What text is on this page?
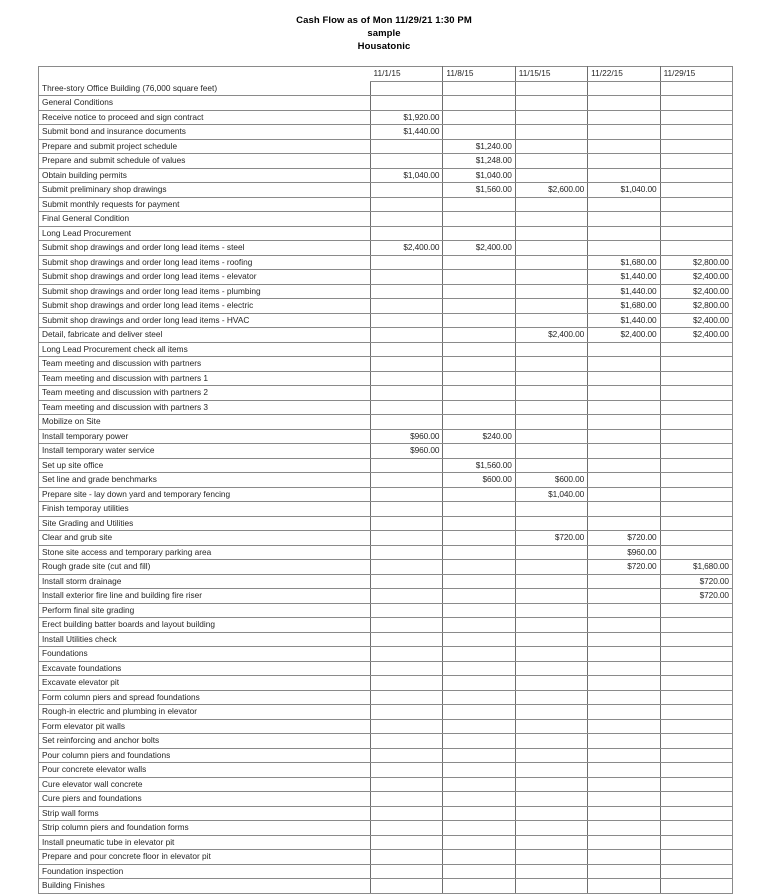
Cash Flow as of Mon 11/29/21 1:30 PM
sample
Housatonic
	11/1/15	11/8/15	11/15/15	11/22/15	11/29/15
Three-story Office Building (76,000 square feet)					
General Conditions					
Receive notice to proceed and sign contract	$1,920.00				
Submit bond and insurance documents	$1,440.00				
Prepare and submit project schedule		$1,240.00			
Prepare and submit schedule of values		$1,248.00			
Obtain building permits	$1,040.00	$1,040.00			
Submit preliminary shop drawings		$1,560.00	$2,600.00	$1,040.00	
Submit monthly requests for payment					
Final General Condition					
Long Lead Procurement					
Submit shop drawings and order long lead items - steel	$2,400.00	$2,400.00			
Submit shop drawings and order long lead items - roofing				$1,680.00	$2,800.00
Submit shop drawings and order long lead items - elevator				$1,440.00	$2,400.00
Submit shop drawings and order long lead items - plumbing				$1,440.00	$2,400.00
Submit shop drawings and order long lead items - electric				$1,680.00	$2,800.00
Submit shop drawings and order long lead items - HVAC				$1,440.00	$2,400.00
Detail, fabricate and deliver steel			$2,400.00	$2,400.00	$2,400.00
Long Lead Procurement check all items					
Team meeting and discussion with partners					
Team meeting and discussion with partners 1					
Team meeting and discussion with partners 2					
Team meeting and discussion with partners 3					
Mobilize on Site					
Install temporary power	$960.00	$240.00			
Install temporary water service	$960.00				
Set up site office		$1,560.00			
Set line and grade benchmarks		$600.00	$600.00		
Prepare site - lay down yard and temporary fencing			$1,040.00		
Finish temporay utilities					
Site Grading and Utilities					
Clear and grub site			$720.00	$720.00	
Stone site access and temporary parking area				$960.00	
Rough grade site (cut and fill)				$720.00	$1,680.00
Install storm drainage					$720.00
Install exterior fire line and building fire riser					$720.00
Perform final site grading					
Erect building batter boards and layout building					
Install Utilities check					
Foundations					
Excavate foundations					
Excavate elevator pit					
Form column piers and spread foundations					
Rough-in electric and plumbing in elevator					
Form elevator pit walls					
Set reinforcing and anchor bolts					
Pour column piers and foundations					
Pour concrete elevator walls					
Cure elevator wall concrete					
Cure piers and foundations					
Strip wall forms					
Strip column piers and foundation forms					
Install pneumatic tube in elevator pit					
Prepare and pour concrete floor in elevator pit					
Foundation inspection					
Building Finishes					
